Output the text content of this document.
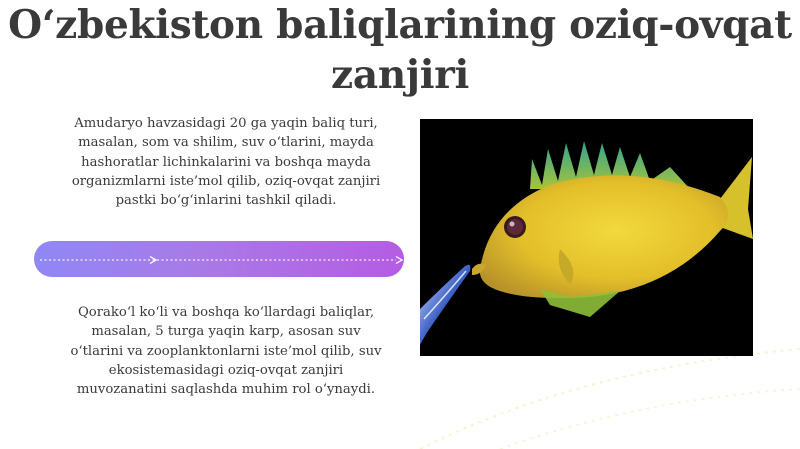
O‘zbekiston baliqlarining oziq-ovqat zanjiri
Amudaryo havzasidagi 20 ga yaqin baliq turi, masalan, som va shilim, suv o‘tlarini, mayda hashoratlar lichinkalarini va boshqa mayda organizmlarni iste’mol qilib, oziq-ovqat zanjiri pastki bo‘g‘inlarini tashkil qiladi.
Qorako‘l ko‘li va boshqa ko‘llardagi baliqlar, masalan, 5 turga yaqin karp, asosan suv o‘tlarini va zooplanktonlarni iste’mol qilib, suv ekosistemasidagi oziq-ovqat zanjiri muvozanatini saqlashda muhim rol o‘ynaydi.
